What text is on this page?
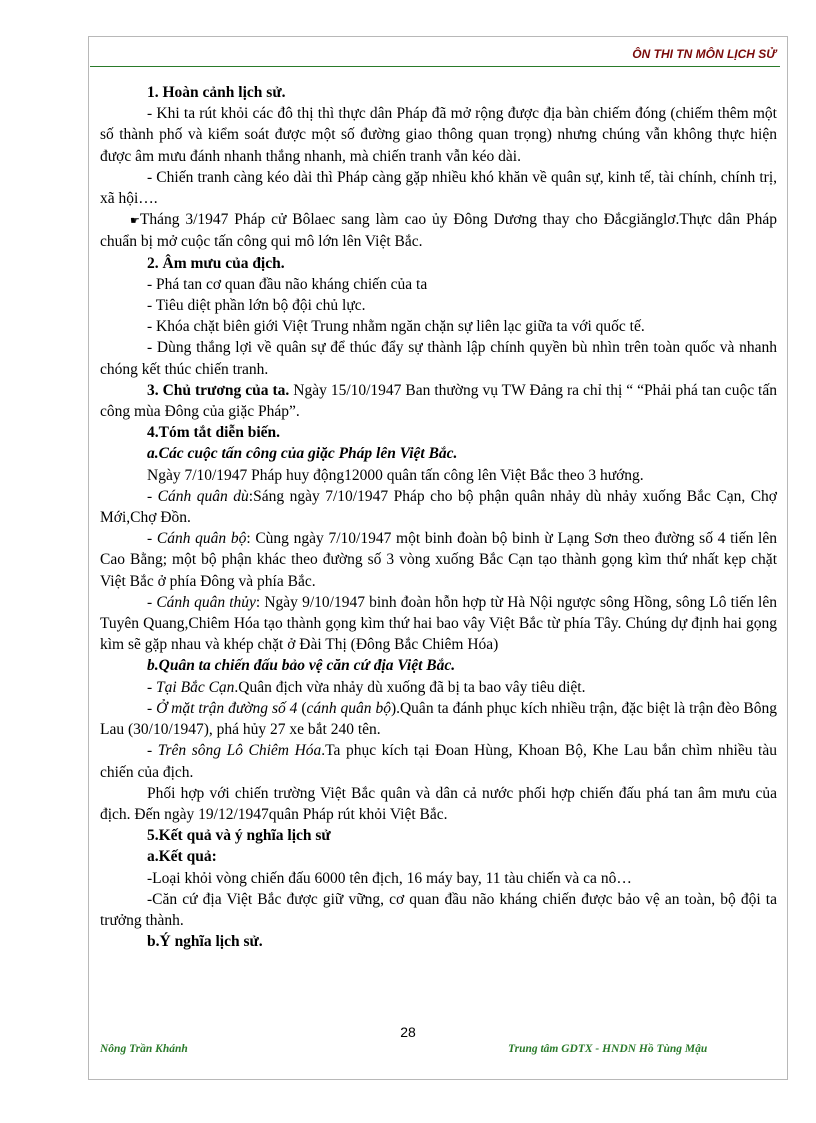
ÔN THI TN MÔN LỊCH SỬ

1. Hoàn cảnh lịch sử.

- Khi ta rút khỏi các đô thị thì thực dân Pháp đã mở rộng được địa bàn chiếm đóng (chiếm thêm một số thành phố và kiểm soát được một số đường giao thông quan trọng) nhưng chúng vẫn không thực hiện được âm mưu đánh nhanh thắng nhanh, mà chiến tranh vẫn kéo dài.

- Chiến tranh càng kéo dài thì Pháp càng gặp nhiều khó khăn về quân sự, kinh tế, tài chính, chính trị, xã hội….

☛Tháng 3/1947 Pháp cử Bôlaec sang làm cao ủy Đông Dương thay cho Đắcgiănglơ.Thực dân Pháp chuẩn bị mở cuộc tấn công qui mô lớn lên Việt Bắc.

2. Âm mưu của địch.

- Phá tan cơ quan đầu não kháng chiến của ta

- Tiêu diệt phần lớn bộ đội chủ lực.

- Khóa chặt biên giới Việt Trung nhằm ngăn chặn sự liên lạc giữa ta với quốc tế.

- Dùng thắng lợi về quân sự để thúc đẩy sự thành lập chính quyền bù nhìn trên toàn quốc và nhanh chóng kết thúc chiến tranh.

3. Chủ trương của ta. Ngày 15/10/1947 Ban thường vụ TW Đảng ra chỉ thị “ “Phải phá tan cuộc tấn công mùa Đông của giặc Pháp”.

4.Tóm tắt diễn biến.

a.Các cuộc tấn công của giặc Pháp lên Việt Bắc.

Ngày 7/10/1947 Pháp huy động12000 quân tấn công lên Việt Bắc theo 3 hướng.

- Cánh quân dù:Sáng ngày 7/10/1947 Pháp cho bộ phận quân nhảy dù nhảy xuống Bắc Cạn, Chợ Mới,Chợ Đồn.

- Cánh quân bộ: Cùng ngày 7/10/1947 một binh đoàn bộ binh ừ Lạng Sơn theo đường số 4 tiến lên Cao Bằng; một bộ phận khác theo đường số 3 vòng xuống Bắc Cạn tạo thành gọng kìm thứ nhất kẹp chặt Việt Bắc ở phía Đông và phía Bắc.

- Cánh quân thủy: Ngày 9/10/1947 binh đoàn hỗn hợp từ Hà Nội ngược sông Hồng, sông Lô tiến lên Tuyên Quang,Chiêm Hóa tạo thành gọng kìm thứ hai bao vây Việt Bắc từ phía Tây. Chúng dự định hai gọng kìm sẽ gặp nhau và khép chặt ở Đài Thị (Đông Bắc Chiêm Hóa)

b.Quân ta chiến đấu bảo vệ căn cứ địa Việt Bắc.

- Tại Bắc Cạn.Quân địch vừa nhảy dù xuống đã bị ta bao vây tiêu diệt.

- Ở mặt trận đường số 4 (cánh quân bộ).Quân ta đánh phục kích nhiều trận, đặc biệt là trận đèo Bông Lau (30/10/1947), phá hủy 27 xe bắt 240 tên.

- Trên sông Lô Chiêm Hóa.Ta phục kích tại Đoan Hùng, Khoan Bộ, Khe Lau bắn chìm nhiều tàu chiến của địch.

Phối hợp với chiến trường Việt Bắc quân và dân cả nước phối hợp chiến đấu phá tan âm mưu của địch. Đến ngày 19/12/1947quân Pháp rút khỏi Việt Bắc.

5.Kết quả và ý nghĩa lịch sử

a.Kết quả:

-Loại khỏi vòng chiến đấu 6000 tên địch, 16 máy bay, 11 tàu chiến và ca nô…

-Căn cứ địa Việt Bắc được giữ vững, cơ quan đầu não kháng chiến được bảo vệ an toàn, bộ đội ta trưởng thành.

b.Ý nghĩa lịch sử.

28
Nông Trần Khánh	Trung tâm GDTX - HNDN Hồ Tùng Mậu
